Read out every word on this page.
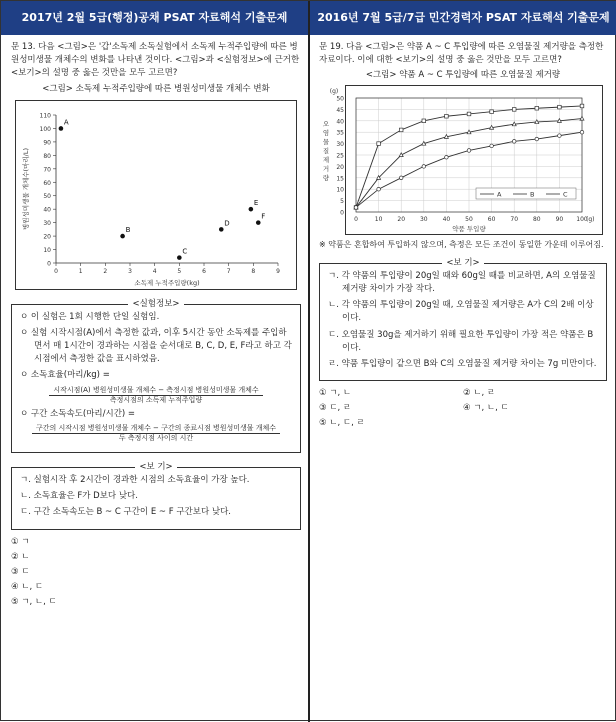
2017년 2월 5급(행정)공채 PSAT 자료해석 기출문제	2016년 7월 5급/7급 민간경력자 PSAT 자료해석 기출문제
문 13. 다음 <그림>은 '갑'소독제 소독실험에서 소독제 누적주입량에 따른 병원성미생물 개체수의 변화를 나타낸 것이다. <그림>과 <실험정보>에 근거한 <보기>의 설명 중 옳은 것만을 모두 고르면?
<그림> 소독제 누적주입량에 따른 병원성미생물 개체수 변화
0
10
20
30
40
50
60
70
80
90
100
110
0	1	2	3	4	5	6	7	8	9
소독제 누적주입량(kg)
병원성미생물 개체수(마리/L)
A
B
C
D
E
F
<실험정보>
ㅇ 이 실험은 1회 시행한 단일 실험임.
ㅇ 실험 시작시점(A)에서 측정한 값과, 이후 5시간 동안 소독제를 주입하면서 매 1시간이 경과하는 시점을 순서대로 B, C, D, E, F라고 하고 각 시점에서 측정한 값을 표시하였음.
ㅇ 소독효율(마리/kg) =
시작시점(A) 병원성미생물 개체수 − 측정시점 병원성미생물 개체수
측정시점의 소독제 누적주입량
ㅇ 구간 소독속도(마리/시간) =
구간의 시작시점 병원성미생물 개체수 − 구간의 종료시점 병원성미생물 개체수
두 측정시점 사이의 시간
<보 기>
ㄱ. 실험시작 후 2시간이 경과한 시점의 소독효율이 가장 높다.
ㄴ. 소독효율은 F가 D보다 낮다.
ㄷ. 구간 소독속도는 B ~ C 구간이 E ~ F 구간보다 낮다.
① ㄱ
② ㄴ
③ ㄷ
④ ㄴ, ㄷ
⑤ ㄱ, ㄴ, ㄷ
문 19. 다음 <그림>은 약품 A ~ C 투입량에 따른 오염물질 제거량을 측정한 자료이다. 이에 대한 <보기>의 설명 중 옳은 것만을 모두 고르면?
<그림> 약품 A ~ C 투입량에 따른 오염물질 제거량
0	10 20 30 40 50 60 70 80 90 100
(g)
약품 투입량
A	B	C
0
5
10
15
20
25
30
35
40
45
50
(g)
오
염
물
질
제
거
량
※ 약품은 혼합하여 투입하지 않으며, 측정은 모든 조건이 동일한 가운데 이루어짐.
<보 기>
ㄱ. 각 약품의 투입량이 20g일 때와 60g일 때를 비교하면, A의 오염물질 제거량 차이가 가장 작다.
ㄴ. 각 약품의 투입량이 20g일 때, 오염물질 제거량은 A가 C의 2배 이상이다.
ㄷ. 오염물질 30g을 제거하기 위해 필요한 투입량이 가장 적은 약품은 B이다.
ㄹ. 약품 투입량이 같으면 B와 C의 오염물질 제거량 차이는 7g 미만이다.
① ㄱ, ㄴ	② ㄴ, ㄹ
③ ㄷ, ㄹ	④ ㄱ, ㄴ, ㄷ
⑤ ㄴ, ㄷ, ㄹ
